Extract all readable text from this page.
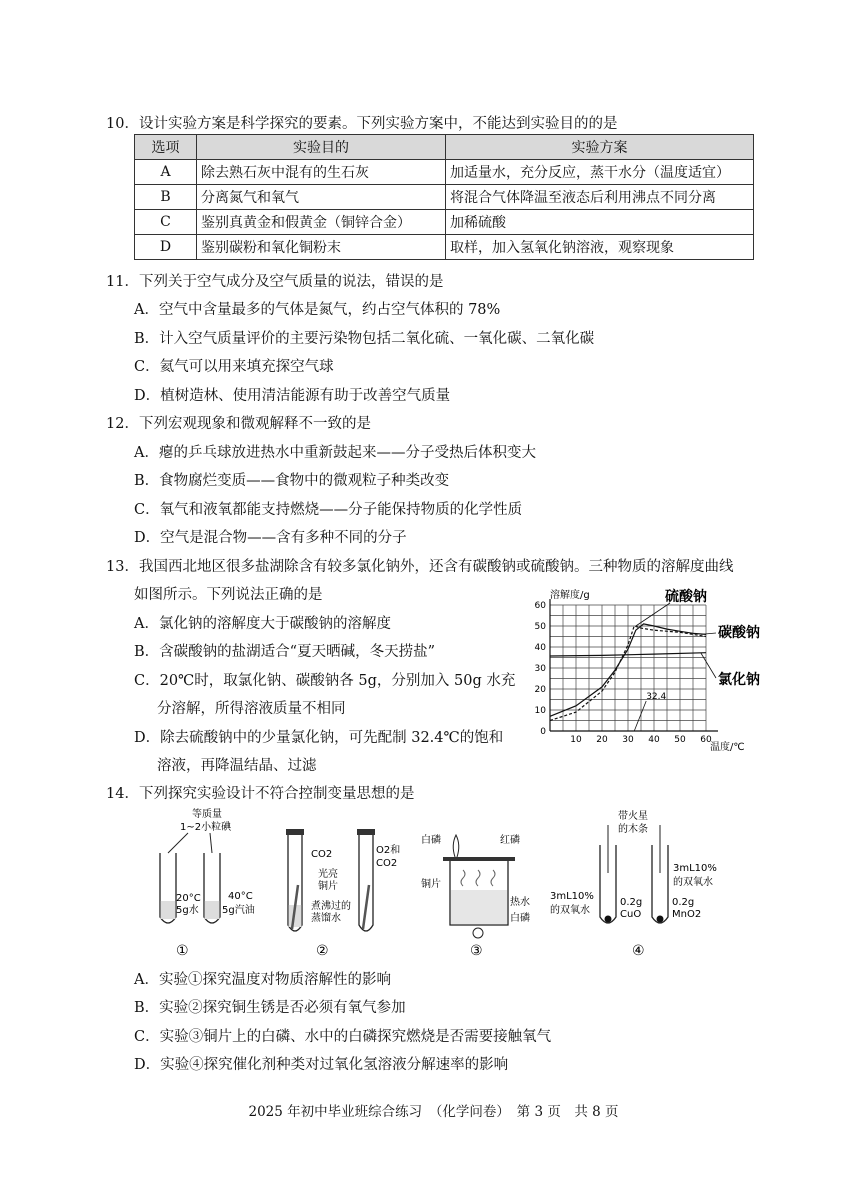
10．设计实验方案是科学探究的要素。下列实验方案中，不能达到实验目的的是
选项	实验目的	实验方案
A	除去熟石灰中混有的生石灰	加适量水，充分反应，蒸干水分（温度适宜）
B	分离氮气和氧气	将混合气体降温至液态后利用沸点不同分离
C	鉴别真黄金和假黄金（铜锌合金）	加稀硫酸
D	鉴别碳粉和氧化铜粉末	取样，加入氢氧化钠溶液，观察现象
11．下列关于空气成分及空气质量的说法，错误的是
A．空气中含量最多的气体是氮气，约占空气体积的 78%
B．计入空气质量评价的主要污染物包括二氧化硫、一氧化碳、二氧化碳
C．氦气可以用来填充探空气球
D．植树造林、使用清洁能源有助于改善空气质量
12．下列宏观现象和微观解释不一致的是
A．瘪的乒乓球放进热水中重新鼓起来——分子受热后体积变大
B．食物腐烂变质——食物中的微观粒子种类改变
C．氧气和液氧都能支持燃烧——分子能保持物质的化学性质
D．空气是混合物——含有多种不同的分子
13．我国西北地区很多盐湖除含有较多氯化钠外，还含有碳酸钠或硫酸钠。三种物质的溶解度曲线
如图所示。下列说法正确的是
A．氯化钠的溶解度大于碳酸钠的溶解度
B．含碳酸钠的盐湖适合“夏天晒碱，冬天捞盐”
C．20℃时，取氯化钠、碳酸钠各 5g，分别加入 50g 水充
分溶解，所得溶液质量不相同
D．除去硫酸钠中的少量氯化钠，可先配制 32.4℃的饱和
溶液，再降温结晶、过滤
溶解度/g
温度/℃
硫酸钠
碳酸钠
氯化钠
10 20 30 40 50 60
0
10
20
30
40
50
60
32.4
14．下列探究实验设计不符合控制变量思想的是
等质量
1~2小粒碘
20°C
5g水
40°C
5g汽油
①
CO2	O2和
CO2
光亮
铜片
煮沸过的
蒸馏水
②
白磷	红磷
铜片
热水
白磷
③
带火星
的木条
3mL10%
的双氧水
3mL10%
的双氧水
0.2g
CuO
0.2g
MnO2
④
A．实验①探究温度对物质溶解性的影响
B．实验②探究铜生锈是否必须有氧气参加
C．实验③铜片上的白磷、水中的白磷探究燃烧是否需要接触氧气
D．实验④探究催化剂种类对过氧化氢溶液分解速率的影响
2025 年初中毕业班综合练习　（化学问卷）　第 3 页　共 8 页
